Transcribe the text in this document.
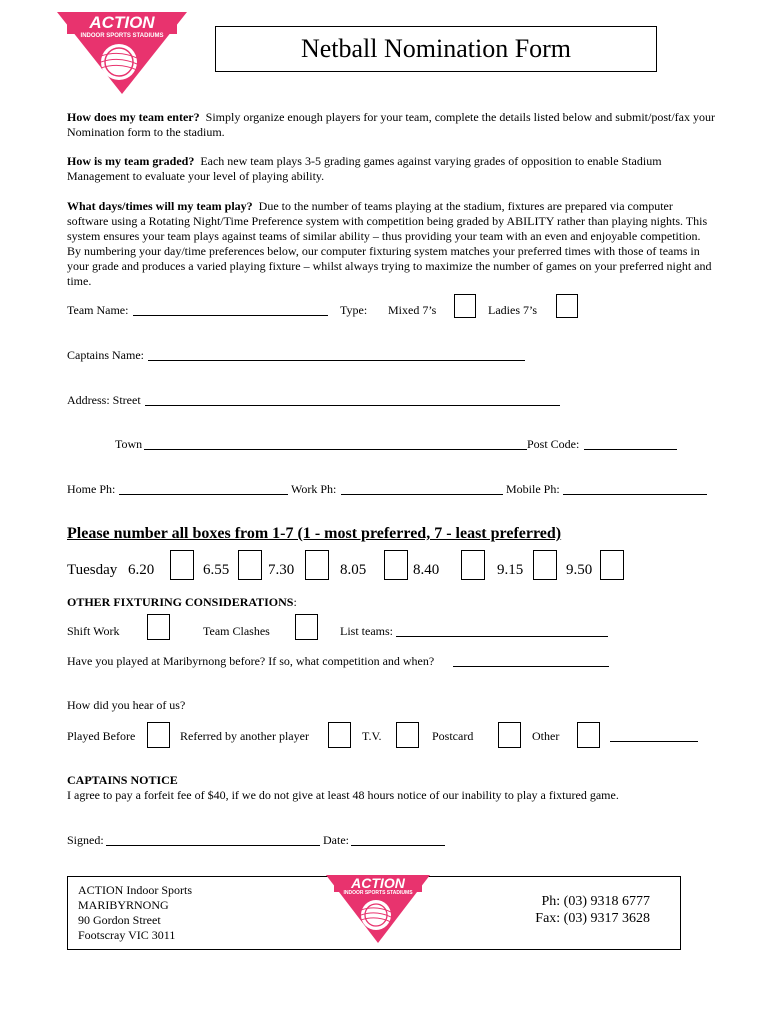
ACTION
INDOOR SPORTS STADIUMS	Netball Nomination Form
How does my team enter? Simply organize enough players for your team, complete the details listed below and submit/post/fax your Nomination form to the stadium.
How is my team graded? Each new team plays 3-5 grading games against varying grades of opposition to enable Stadium Management to evaluate your level of playing ability.
What days/times will my team play? Due to the number of teams playing at the stadium, fixtures are prepared via computer software using a Rotating Night/Time Preference system with competition being graded by ABILITY rather than playing nights. This system ensures your team plays against teams of similar ability – thus providing your team with an even and enjoyable competition. By numbering your day/time preferences below, our computer fixturing system matches your preferred times with those of teams in your grade and produces a varied playing fixture – whilst always trying to maximize the number of games on your preferred night and time.
Team Name:	Type: Mixed 7’s	Ladies 7’s
Captains Name:
Address: Street
Town	Post Code:
Home Ph:	Work Ph:	Mobile Ph:
Please number all boxes from 1-7 (1 - most preferred, 7 - least preferred)
Tuesday 6.20	6.55	7.30	8.05	8.40	9.15	9.50
OTHER FIXTURING CONSIDERATIONS:
Shift Work	Team Clashes	List teams:
Have you played at Maribyrnong before? If so, what competition and when?
How did you hear of us?
Played Before	Referred by another player	T.V.	Postcard	Other
CAPTAINS NOTICE
I agree to pay a forfeit fee of $40, if we do not give at least 48 hours notice of our inability to play a fixtured game.
Signed:	Date:
ACTION Indoor Sports
MARIBYRNONG
90 Gordon Street
Footscray VIC 3011
ACTION
INDOOR SPORTS STADIUMS
Ph: (03) 9318 6777
Fax: (03) 9317 3628
